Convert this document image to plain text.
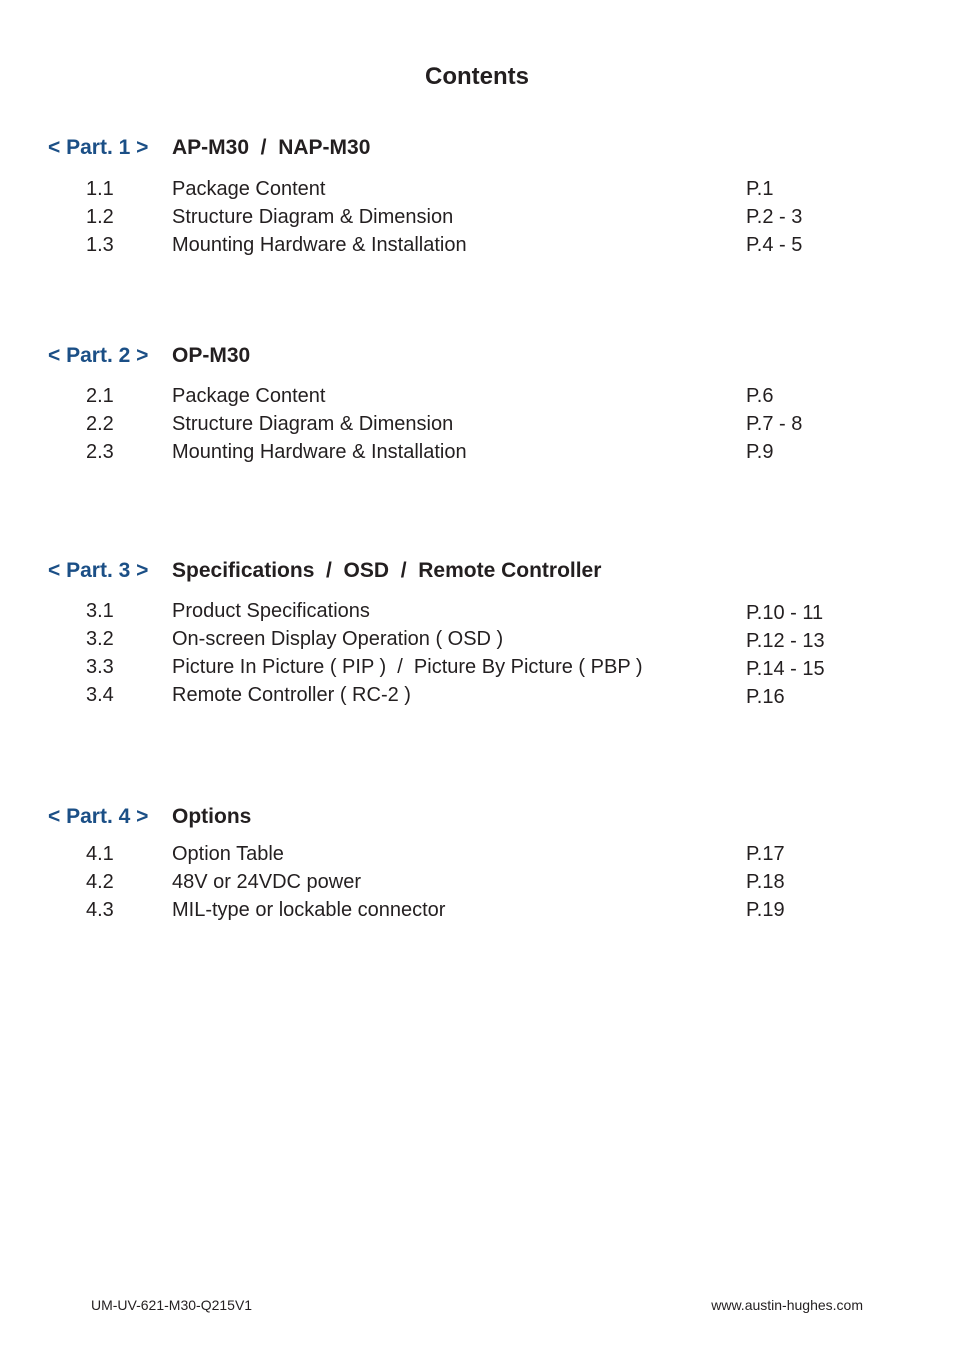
Contents
< Part. 1 > AP-M30  /  NAP-M30
1.1	Package Content	P.1
1.2	Structure Diagram & Dimension	P.2 - 3
1.3	Mounting Hardware & Installation	P.4 - 5
< Part. 2 > OP-M30
2.1	Package Content	P.6
2.2	Structure Diagram & Dimension	P.7 - 8
2.3	Mounting Hardware & Installation	P.9
< Part. 3 > Specifications  /  OSD  /  Remote Controller
3.1	Product Specifications	P.10 - 11
3.2	On-screen Display Operation ( OSD )	P.12 - 13
3.3	Picture In Picture ( PIP )  /  Picture By Picture ( PBP )	P.14 - 15
3.4	Remote Controller ( RC-2 )	P.16
< Part. 4 > Options
4.1	Option Table	P.17
4.2	48V or 24VDC power	P.18
4.3	MIL-type or lockable connector	P.19
UM-UV-621-M30-Q215V1	www.austin-hughes.com
